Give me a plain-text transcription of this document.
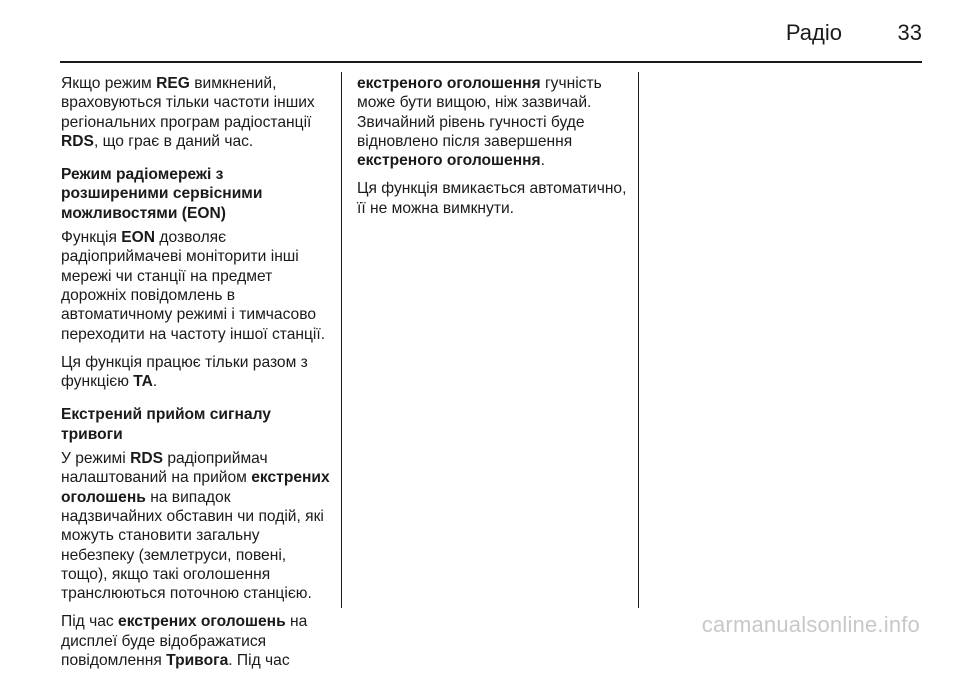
Радіо	33

Якщо режим REG вимкнений, враховуються тільки частоти інших регіональних програм радіостанції RDS, що грає в даний час.

Режим радіомережі з розширеними сервісними можливостями (EON)

Функція EON дозволяє радіоприймачеві моніторити інші мережі чи станції на предмет дорожніх повідомлень в автоматичному режимі і тимчасово переходити на частоту іншої станції.

Ця функція працює тільки разом з функцією TA.

Екстрений прийом сигналу тривоги

У режимі RDS радіоприймач налаштований на прийом екстрених оголошень на випадок надзвичайних обставин чи подій, які можуть становити загальну небезпеку (землетруси, повені, тощо), якщо такі оголошення транслюються поточною станцією.

Під час екстрених оголошень на дисплеї буде відображатися повідомлення Тривога. Під час

екстреного оголошення гучність може бути вищою, ніж зазвичай. Звичайний рівень гучності буде відновлено після завершення екстреного оголошення.

Ця функція вмикається автоматично, її не можна вимкнути.

carmanualsonline.info
